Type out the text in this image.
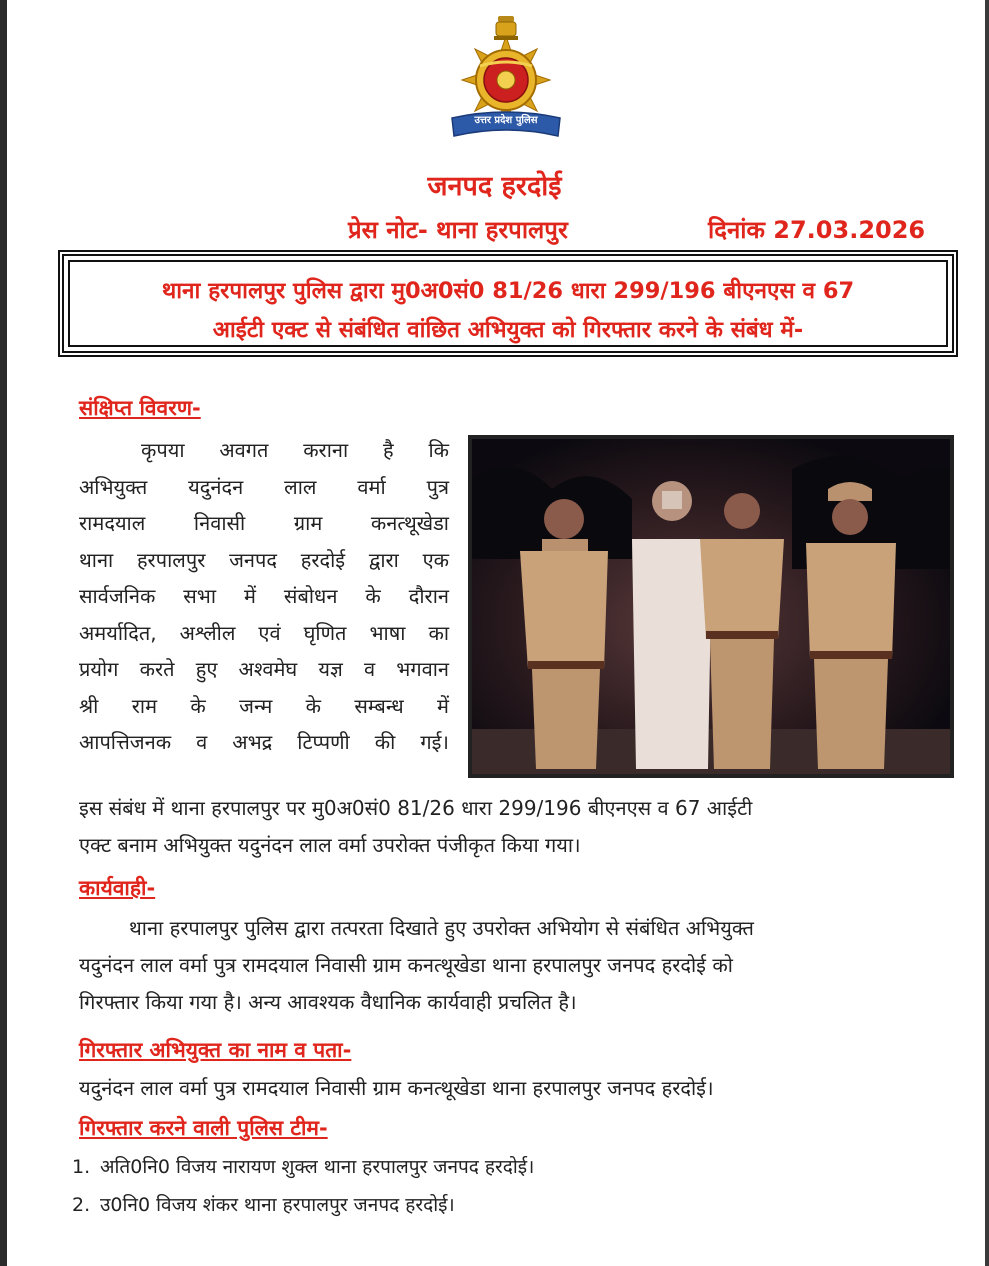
उत्तर प्रदेश पुलिस
जनपद हरदोई
प्रेस नोट- थाना हरपालपुर	दिनांक 27.03.2026
थाना हरपालपुर पुलिस द्वारा मु0अ0सं0 81/26 धारा 299/196 बीएनएस व 67
आईटी एक्ट से संबंधित वांछित अभियुक्त को गिरफ्तार करने के संबंध में-
संक्षिप्त विवरण-
कृपया अवगत कराना है कि
अभियुक्त यदुनंदन लाल वर्मा पुत्र
रामदयाल निवासी ग्राम कनत्थूखेडा
थाना हरपालपुर जनपद हरदोई द्वारा एक
सार्वजनिक सभा में संबोधन के दौरान
अमर्यादित, अश्लील एवं घृणित भाषा का
प्रयोग करते हुए अश्वमेघ यज्ञ व भगवान
श्री राम के जन्म के सम्बन्ध में
आपत्तिजनक व अभद्र टिप्पणी की गई।
इस संबंध में थाना हरपालपुर पर मु0अ0सं0 81/26 धारा 299/196 बीएनएस व 67 आईटी
एक्ट बनाम अभियुक्त यदुनंदन लाल वर्मा उपरोक्त पंजीकृत किया गया।
कार्यवाही-
थाना हरपालपुर पुलिस द्वारा तत्परता दिखाते हुए उपरोक्त अभियोग से संबंधित अभियुक्त
यदुनंदन लाल वर्मा पुत्र रामदयाल निवासी ग्राम कनत्थूखेडा थाना हरपालपुर जनपद हरदोई को
गिरफ्तार किया गया है। अन्य आवश्यक वैधानिक कार्यवाही प्रचलित है।
गिरफ्तार अभियुक्त का नाम व पता-
यदुनंदन लाल वर्मा पुत्र रामदयाल निवासी ग्राम कनत्थूखेडा थाना हरपालपुर जनपद हरदोई।
गिरफ्तार करने वाली पुलिस टीम-
1. अति0नि0 विजय नारायण शुक्ल थाना हरपालपुर जनपद हरदोई।
2. उ0नि0 विजय शंकर थाना हरपालपुर जनपद हरदोई।
